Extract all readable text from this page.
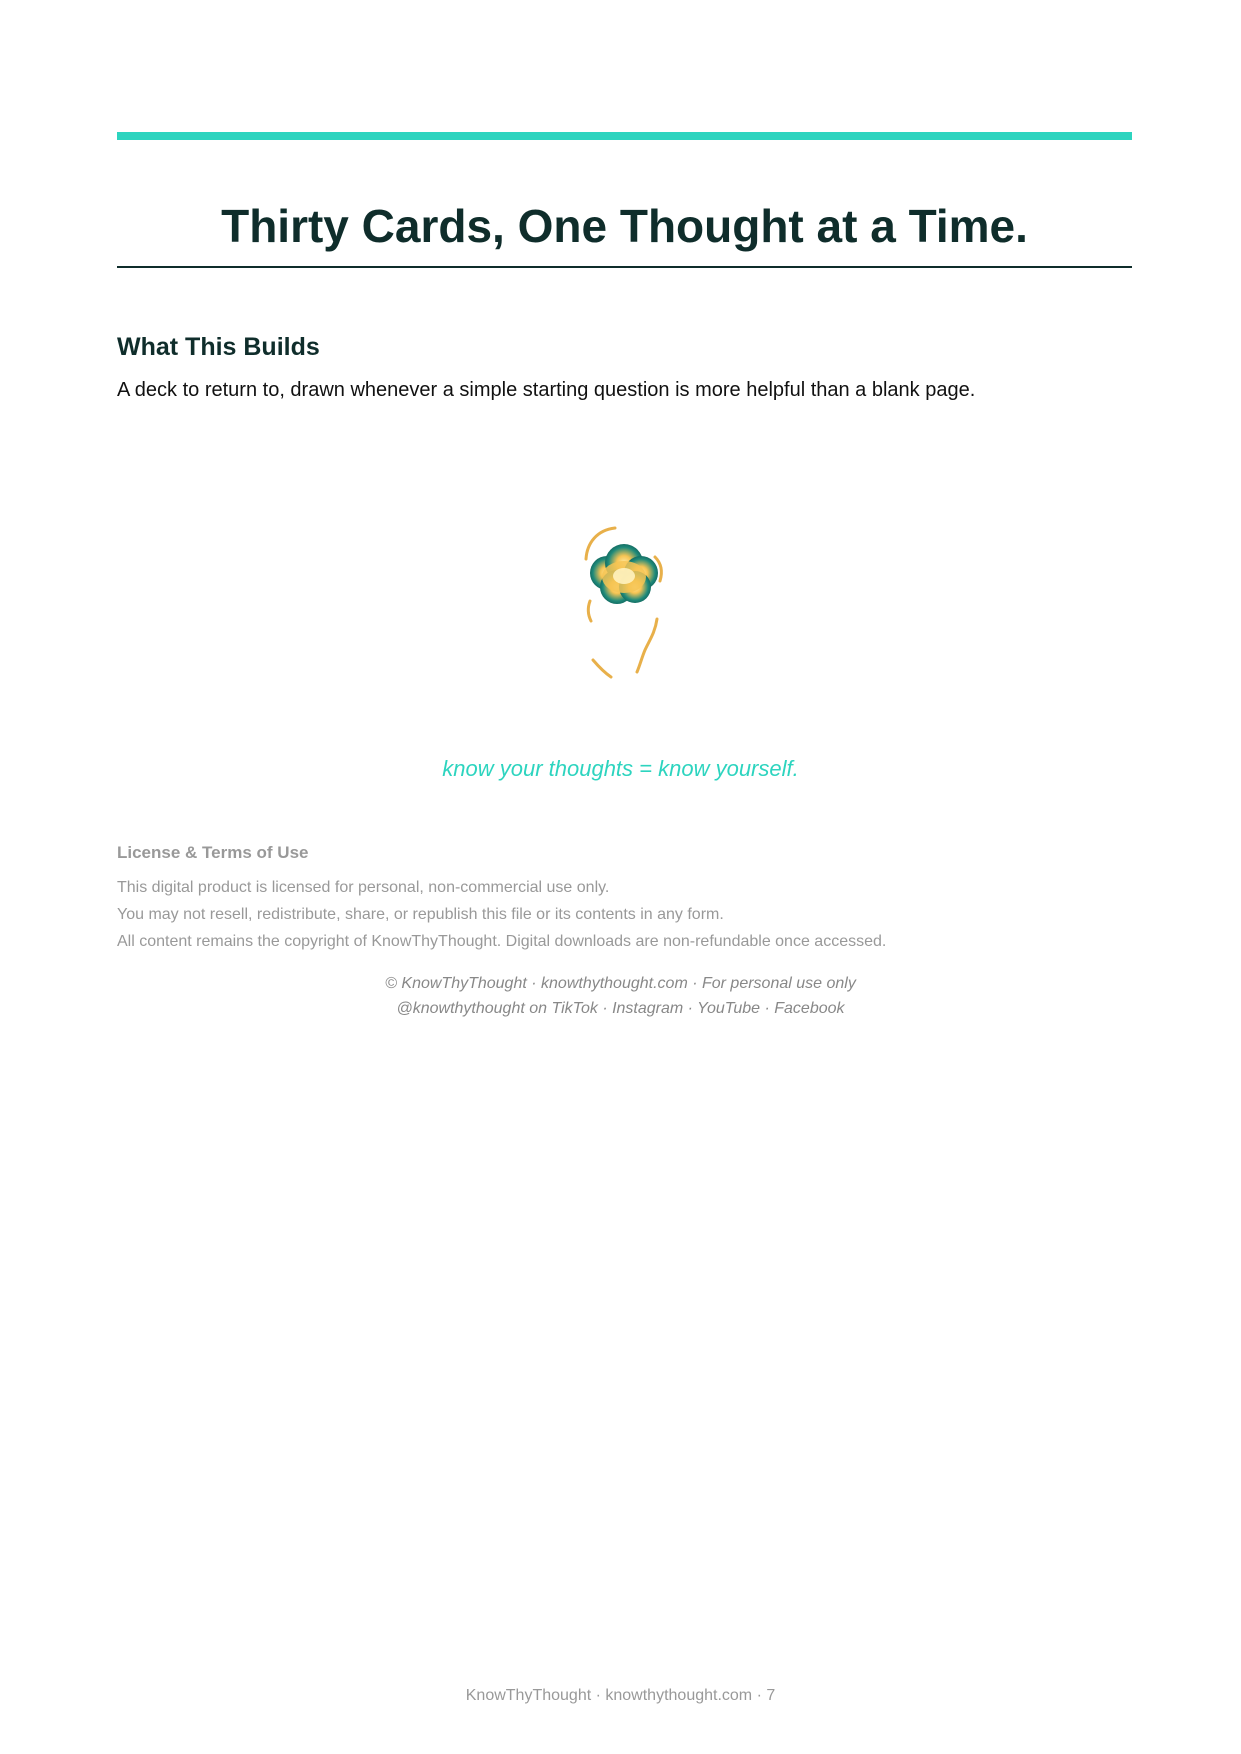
Thirty Cards, One Thought at a Time.
What This Builds

A deck to return to, drawn whenever a simple starting question is more helpful than a blank page.

know your thoughts = know yourself.

License & Terms of Use
This digital product is licensed for personal, non-commercial use only.
You may not resell, redistribute, share, or republish this file or its contents in any form.
All content remains the copyright of KnowThyThought. Digital downloads are non-refundable once accessed.
© KnowThyThought · knowthythought.com · For personal use only
@knowthythought on TikTok · Instagram · YouTube · Facebook
KnowThyThought · knowthythought.com · 7
